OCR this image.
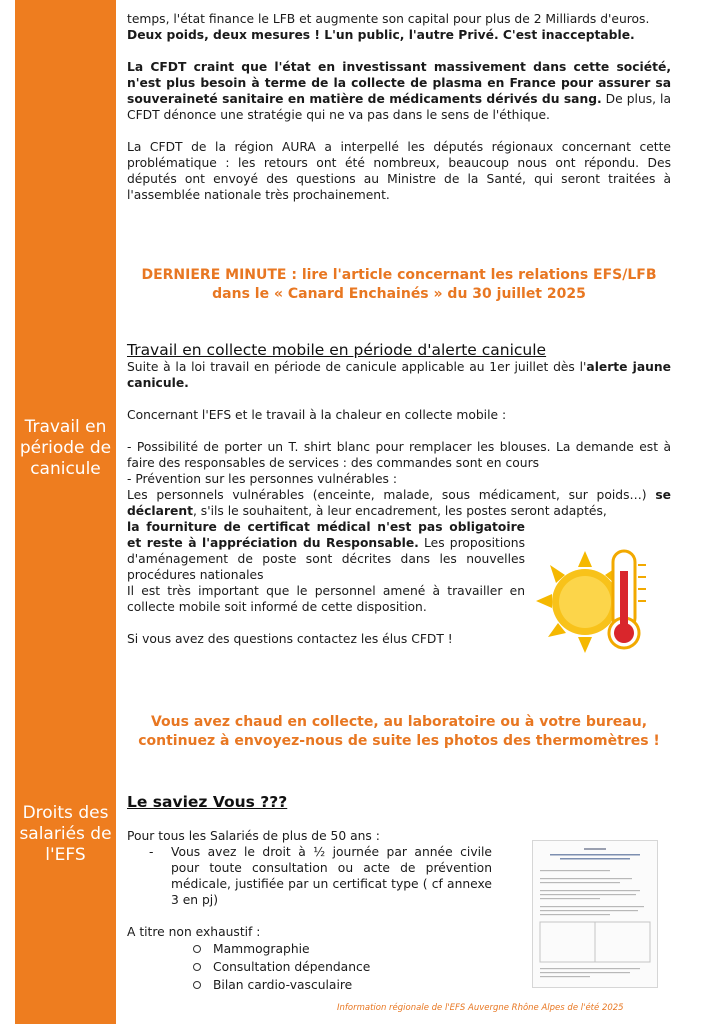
Travail en
période de
canicule
Droits des
salariés de
l'EFS

temps, l'état finance le LFB et augmente son capital pour plus de 2 Milliards d'euros.
Deux poids, deux mesures ! L'un public, l'autre Privé. C'est inacceptable.

La CFDT craint que l'état en investissant massivement dans cette société, n'est plus besoin à terme de la collecte de plasma en France pour assurer sa souveraineté sanitaire en matière de médicaments dérivés du sang. De plus, la CFDT dénonce une stratégie qui ne va pas dans le sens de l'éthique.

La CFDT de la région AURA a interpellé les députés régionaux concernant cette problématique : les retours ont été nombreux, beaucoup nous ont répondu. Des députés ont envoyé des questions au Ministre de la Santé, qui seront traitées à l'assemblée nationale très prochainement.

DERNIERE MINUTE : lire l'article concernant les relations EFS/LFB
dans le « Canard Enchainés » du 30 juillet 2025
Travail en collecte mobile en période d'alerte canicule

Suite à la loi travail en période de canicule applicable au 1er juillet dès l'alerte jaune canicule.

Concernant l'EFS et le travail à la chaleur en collecte mobile :

- Possibilité de porter un T. shirt blanc pour remplacer les blouses. La demande est à faire des responsables de services : des commandes sont en cours

- Prévention sur les personnes vulnérables :

Les personnels vulnérables (enceinte, malade, sous médicament, sur poids…) se déclarent, s'ils le souhaitent, à leur encadrement, les postes seront adaptés,

la fourniture de certificat médical n'est pas obligatoire et reste à l'appréciation du Responsable. Les propositions d'aménagement de poste sont décrites dans les nouvelles procédures nationales

Il est très important que le personnel amené à travailler en collecte mobile soit informé de cette disposition.

Si vous avez des questions contactez les élus CFDT !

Vous avez chaud en collecte, au laboratoire ou à votre bureau,
continuez à envoyez-nous de suite les photos des thermomètres !
Le saviez Vous ???

Pour tous les Salariés de plus de 50 ans :

- Vous avez le droit à ½ journée par année civile pour toute consultation ou acte de prévention médicale, justifiée par un certificat type ( cf annexe 3 en pj)

A titre non exhaustif :

Mammographie
Consultation dépendance
Bilan cardio-vasculaire
Information régionale de l'EFS Auvergne Rhône Alpes de l'été 2025
